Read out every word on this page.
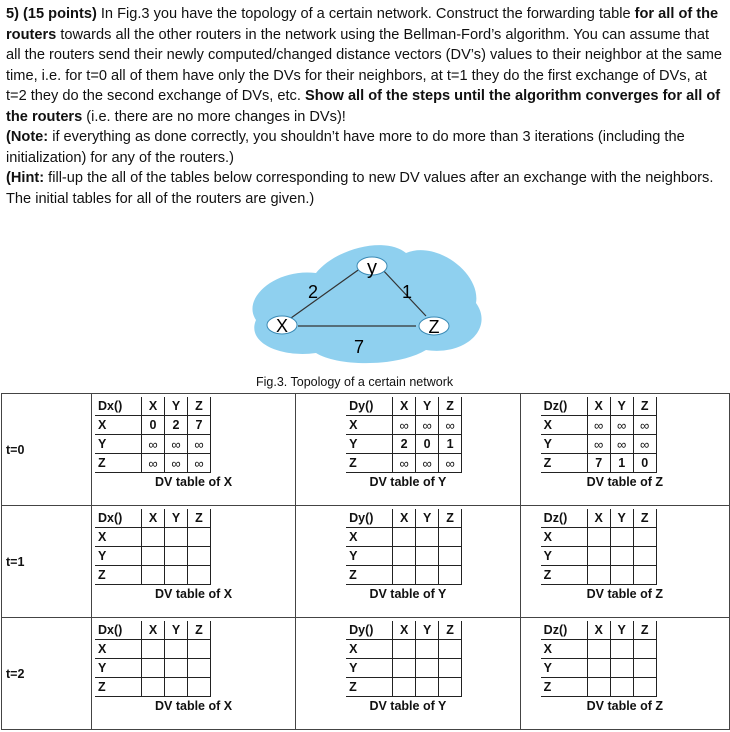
5) (15 points) In Fig.3 you have the topology of a certain network. Construct the forwarding table for all of the routers towards all the other routers in the network using the Bellman-Ford’s algorithm. You can assume that all the routers send their newly computed/changed distance vectors (DV’s) values to their neighbor at the same time, i.e. for t=0 all of them have only the DVs for their neighbors, at t=1 they do the first exchange of DVs, at t=2 they do the second exchange of DVs, etc. Show all of the steps until the algorithm converges for all of the routers (i.e. there are no more changes in DVs)!
(Note: if everything as done correctly, you shouldn’t have more to do more than 3 iterations (including the initialization) for any of the routers.)
(Hint: fill-up the all of the tables below corresponding to new DV values after an exchange with the neighbors. The initial tables for all of the routers are given.)
y
X	Z
2	1
7
Fig.3. Topology of a certain network
t=0	
Dx()	X	Y	Z
X	0	2	7
Y	∞	∞	∞
Z	∞	∞	∞
DV table of X

Dy()	X	Y	Z
X	∞	∞	∞
Y	2	0	1
Z	∞	∞	∞
DV table of Y

Dz()	X	Y	Z
X	∞	∞	∞
Y	∞	∞	∞
Z	7	1	0
DV table of Z

t=1	
Dx()	X	Y	Z
X			
Y			
Z			
DV table of X

Dy()	X	Y	Z
X			
Y			
Z			
DV table of Y

Dz()	X	Y	Z
X			
Y			
Z			
DV table of Z

t=2	
Dx()	X	Y	Z
X			
Y			
Z			
DV table of X

Dy()	X	Y	Z
X			
Y			
Z			
DV table of Y

Dz()	X	Y	Z
X			
Y			
Z			
DV table of Z
